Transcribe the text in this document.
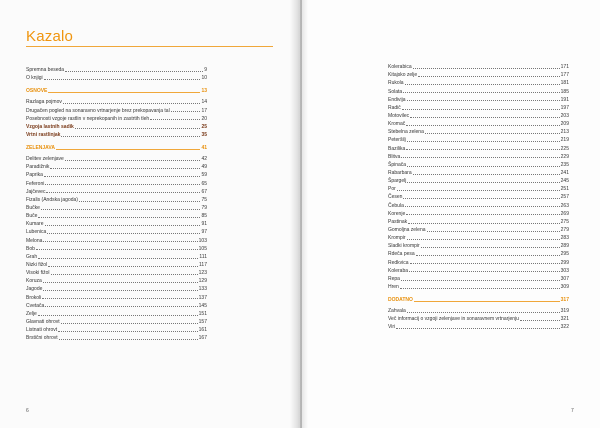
Kazalo
Spremna beseda	9
O knjigi	10
OSNOVE	13
Razlaga pojmov	14
Drugačen pogled na sonaravno vrtnarjenje brez prekopavanja tal	17
Posebnosti vzgoje rastlin v neprekopanih in zastrtih tleh	20
Vzgoja lastnih sadik	25
Vrtni rastlinjak	35
ZELENJAVA	41
Delitev zelenjave	42
Paradižnik	49
Paprika	59
Feferoni	65
Jajčevec	67
Fizalis (Andska jagoda)	75
Bučke	79
Buče	85
Kumare	91
Lubenica	97
Melona	103
Bob	105
Grah	111
Nizki fižol	117
Visoki fižol	123
Koruza	129
Jagode	133
Brokoli	137
Cvetača	145
Zelje	151
Glavnati ohrovt	157
Listnati ohrovt	161
Brstični ohrovt	167
6
Kolerabica	171
Kitajsko zelje	177
Rukola	181
Solata	185
Endivija	191
Radič	197
Motovilec	203
Kromač	209
Stebelna zelena	213
Peteršilj	219
Bazilika	225
Blitva	229
Špinača	235
Rabarbara	241
Špargelj	245
Por	251
Česen	257
Čebula	263
Korenje	269
Pastinak	275
Gomoljna zelena	279
Krompir	283
Sladki krompir	289
Rdeča pesa	295
Redkvica	299
Koleraba	303
Repa	307
Hren	309
DODATNO	317
Zahvala	319
Več informacij o vzgoji zelenjave in sonaravnem vrtnarjenju	321
Viri	322
7
